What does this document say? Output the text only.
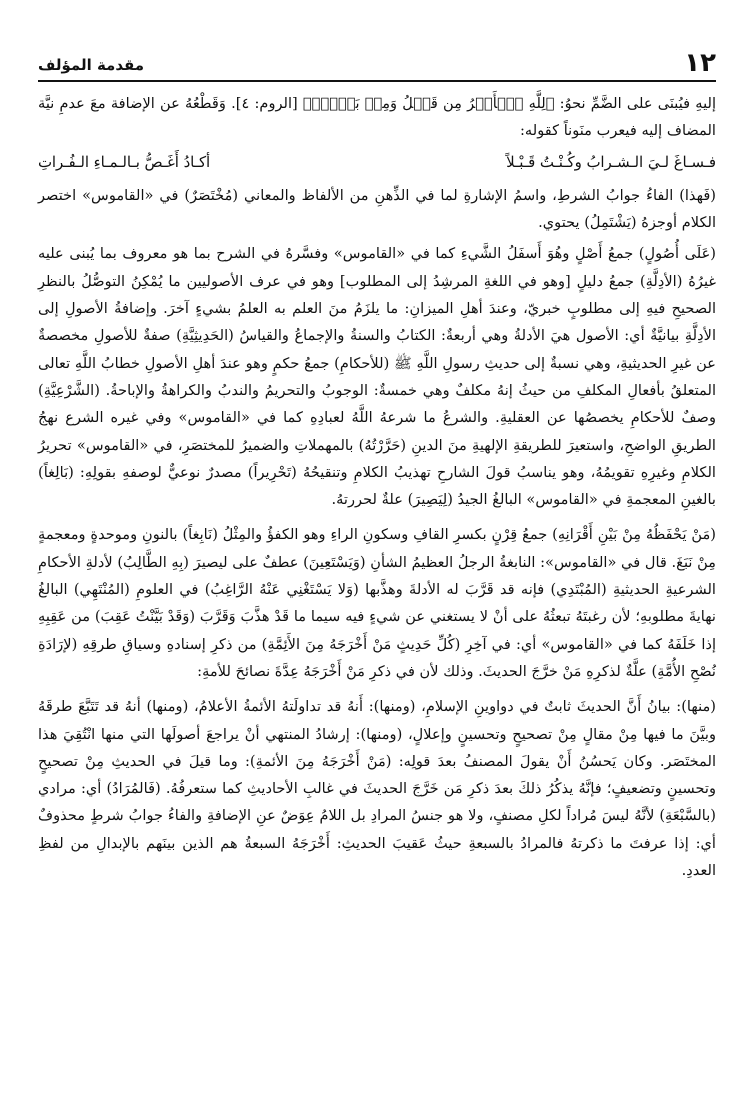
مقدمة المؤلف	١٢

إليهِ فيُبنَى على الضَّمِّ نحوُ: ﴿لِلَّهِ ٱلۡأَمۡرُ مِن قَبۡلُ وَمِنۢ بَعۡدُۚ﴾ [الروم: ٤]. وَقَطْعُهُ عن الإضافة معَ عدمِ نيَّة المضاف إليه فيعرب منَوناً كقوله:

فـسـاغَ لـيَ الـشـرابُ وكُـنْـتُ قَـبْـلاً
أكـادُ أَغَـصُّ بـالـمـاءِ الـفُـراتِ

(فَهذا) الفاءُ جوابُ الشرطِ، واسمُ الإشارةِ لما في الذِّهنِ من الألفاظ والمعاني (مُخْتَصَرٌ) في «القاموس» اختصر الكلام أوجزهُ (يَشْتَمِلُ) يحتوي.

(عَلَى أُصُولٍ) جمعُ أَصْلٍ وهُوَ أَسفَلُ الشَّيءِ كما في «القاموس» وفسَّرهُ في الشرح بما هو معروف بما يُبنى عليه غيرُهُ (الأدِلَّةِ) جمعُ دليلٍ [وهو في اللغةِ المرشِدُ إلى المطلوب] وهو في عرف الأصوليين ما يُمْكِنُ التوصُّلُ بالنظرِ الصحيحِ فيهِ إلى مطلوبٍ خبريّ، وعندَ أهلِ الميزانِ: ما يلزَمُ منَ العلم به العلمُ بشيءٍ آخرَ. وإضافةُ الأصولِ إلى الأدِلَّةِ بيانيَّةٌ أي: الأصول هيَ الأدلةُ وهي أربعةٌ: الكتابُ والسنةُ والإجماعُ والقياسُ (الحَدِيثِيَّةِ) صفةٌ للأصولِ مخصصةٌ عن غيرِ الحديثيةِ، وهي نسبةٌ إلى حديثِ رسولِ اللَّهِ ﷺ (للأحكامِ) جمعُ حكمٍ وهو عندَ أهلِ الأصولِ خطابُ اللَّهِ تعالى المتعلقُ بأفعالِ المكلفِ من حيثُ إنهُ مكلفٌ وهي خمسةٌ: الوجوبُ والتحريمُ والندبُ والكراهةُ والإباحةُ. (الشَّرْعِيَّةِ) وصفٌ للأحكامِ يخصصُها عن العقليةِ. والشرعُ ما شرعهُ اللَّهُ لعبادِهِ كما في «القاموس» وفي غيره الشرع نهجُ الطريقِ الواضحِ، واستعيرَ للطريقةِ الإلهيةِ منَ الدينِ (حَرَّرْتُهُ) بالمهملاتِ والضميرُ للمختصَرِ، في «القاموس» تحريرُ الكلامِ وغيرِهِ تقويمُهُ، وهو يناسبُ قولَ الشارحِ تهذيبُ الكلامِ وتنقيحُهُ (تَحْرِيراً) مصدرٌ نوعيٌّ لوصفهِ بقولِهِ: (بَالِغاً) بالغينِ المعجمةِ في «القاموس» البالغُ الجيدُ (لِيَصِيرَ) علةٌ لحررتهُ.

(مَنْ يَحْفَظُهُ مِنْ بَيْنِ أَقْرَانِهِ) جمعُ قِرْنٍ بكسرِ القافِ وسكونِ الراءِ وهو الكفؤُ والمِثْلُ (نَابِغاً) بالنونِ وموحدةٍ ومعجمةٍ مِنْ نَبَغَ. قال في «القاموس»: النابغةُ الرجلُ العظيمُ الشأنِ (وَيَسْتَعِينَ) عطفٌ على ليصيرَ (بِهِ الطَّالِبُ) لأدلةِ الأحكامِ الشرعيةِ الحديثيةِ (المُبْتَدِي) فإنه قد قَرَّبَ له الأدلةَ وهذَّبها (وَلا يَسْتَغْنِي عَنْهُ الرَّاغِبُ) في العلومِ (المُنْتَهِي) البالغُ نهايةَ مطلوبهِ؛ لأن رغبتَهُ تبعثُهُ على أنْ لا يستغني عن شيءٍ فيه سيما ما قَدْ هذَّبَ وَقَرَّبَ (وَقَدْ بَيَّنْتُ عَقِبَ) من عَقِبِهِ إذا خَلَفَهُ كما في «القاموس» أي: في آخِرِ (كُلِّ حَدِيثٍ مَنْ أَخْرَجَهُ مِنَ الأَئِمَّةِ) من ذكرِ إسنادهِ وسياقِ طرقِهِ (لإرَادَةِ نُصْحِ الأُمَّةِ) علَّةٌ لذكرِهِ مَنْ خرَّجَ الحديثَ. وذلك لأن في ذكرِ مَنْ أَخْرَجَهُ عِدَّةَ نصائحَ للأمةِ:

(منها): بيانُ أَنَّ الحديثَ ثابتٌ في دواوينِ الإسلامِ، (ومنها): أَنهُ قد تداولَتهُ الأئمةُ الأعلامُ، (ومنها) أنهُ قد تَتَبَّعَ طرقَهُ وبيَّنَ ما فيها مِنْ مقالٍ مِنْ تصحيحٍ وتحسينٍ وإعلالٍ، (ومنها): إرشادُ المنتهي أنْ يراجعَ أصولَها التي منها انْتُقِيَ هذا المختَصَر. وكان يَحسُنُ أَنْ يقولَ المصنفُ بعدَ قولِه: (مَنْ أَخْرَجَهُ مِنَ الأئمةِ): وما قيلَ في الحديثِ مِنْ تصحيحٍ وتحسينٍ وتضعيفٍ؛ فإنَّهُ يذكُرُ ذلكَ بعدَ ذكرِ مَن خَرَّجَ الحديثَ في غالبِ الأحاديثِ كما ستعرفُهُ. (فَالمُرَادُ) أي: مرادي (بالسَّبْعَةِ) لأنَّهُ ليسَ مُراداً لكلِ مصنفٍ، ولا هو جنسُ المرادِ بل اللامُ عِوَضٌ عنِ الإضافةِ والفاءُ جوابُ شرطٍ محذوفٌ أي: إذا عرفتَ ما ذكرتهُ فالمرادُ بالسبعةِ حيثُ عَقيبَ الحديثِ: أَخْرَجَهُ السبعةُ هم الذين بينَهم بالإبدالِ من لفظِ العددِ.
